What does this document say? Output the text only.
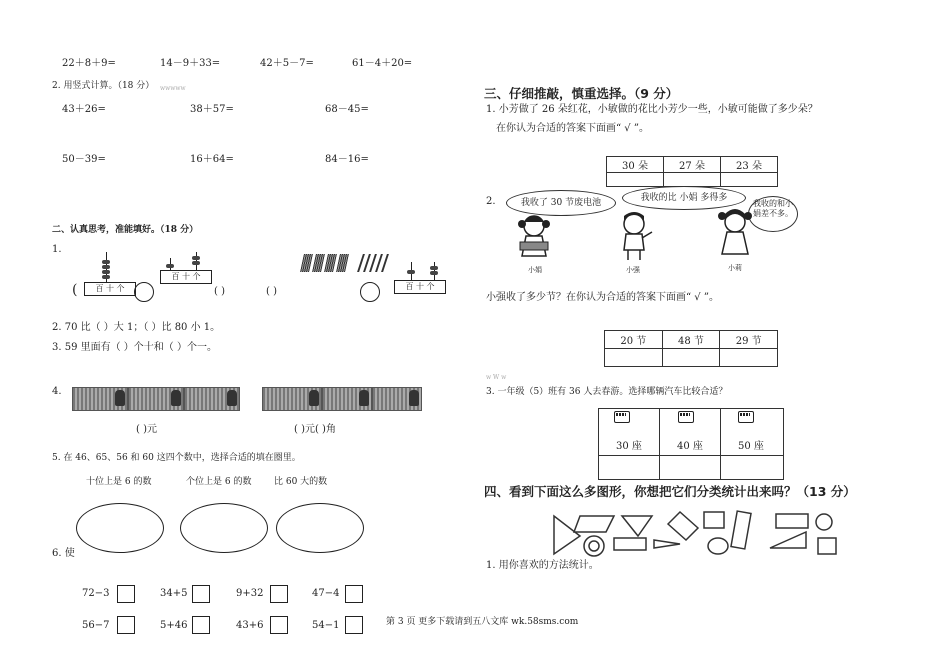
22＋8＋9=	14－9＋33=	42＋5－7=	61－4＋20=
2. 用竖式计算。（18 分） wwwww
43＋26=	38＋57=	68－45=
50－39=	16＋64=	84－16=
二、认真思考，准能填好。（18 分）
1.
百 十 个
(
百 十 个
( )	( )	百 十 个
2. 70 比（ ）大 1；（ ）比 80 小 1。
3. 59 里面有（ ）个十和（ ）个一。
4.
( )元	( )元( )角
5. 在 46、65、56 和 60 这四个数中，选择合适的填在圈里。
十位上是 6 的数	个位上是 6 的数	比 60 大的数
6. 使
72−3	34+5	9+32	47−4
56−7	5+46	43+6	54−1
三、仔细推敲，慎重选择。（9 分）
1. 小芳做了 26 朵红花，小敏做的花比小芳少一些，小敏可能做了多少朵？
在你认为合适的答案下面画“ √ ”。
30 朵	27 朵	23 朵

2.	我收了 30 节废电池	我收的比 小娟 多得多
我收的和小娟差不多。
小娟	小强	小莉
小强收了多少节？在你认为合适的答案下面画“ √ ”。
20 节	48 节	29 节

w W w
3. 一年级（5）班有 36 人去春游。选择哪辆汽车比较合适？
30 座	40 座	50 座
四、看到下面这么多图形，你想把它们分类统计出来吗？（13 分）
1. 用你喜欢的方法统计。
第 3 页 更多下载请到五八文库 wk.58sms.com
